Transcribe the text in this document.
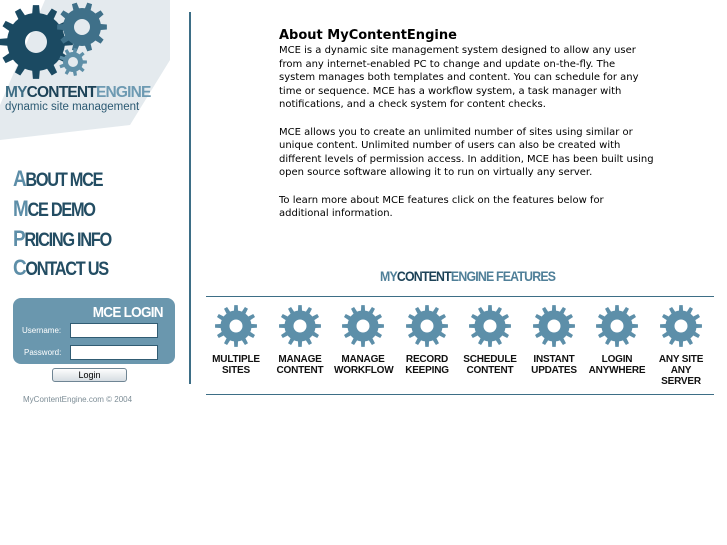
MYCONTENTENGINE
dynamic site management
ABOUT MCE
MCE DEMO
PRICING INFO
CONTACT US
MCE LOGIN
Username:
Password:
Login
MyContentEngine.com © 2004
About MyContentEngine
MCE is a dynamic site management system designed to allow any user from any internet-enabled PC to change and update on-the-fly. The system manages both templates and content. You can schedule for any time or sequence. MCE has a workflow system, a task manager with notifications, and a check system for content checks.
MCE allows you to create an unlimited number of sites using similar or unique content. Unlimited number of users can also be created with different levels of permission access. In addition, MCE has been built using open source software allowing it to run on virtually any server.
To learn more about MCE features click on the features below for additional information.
MYCONTENTENGINE FEATURES
MULTIPLE
SITES
MANAGE
CONTENT
MANAGE
WORKFLOW
RECORD
KEEPING
SCHEDULE
CONTENT
INSTANT
UPDATES
LOGIN
ANYWHERE
ANY SITE
ANY SERVER
